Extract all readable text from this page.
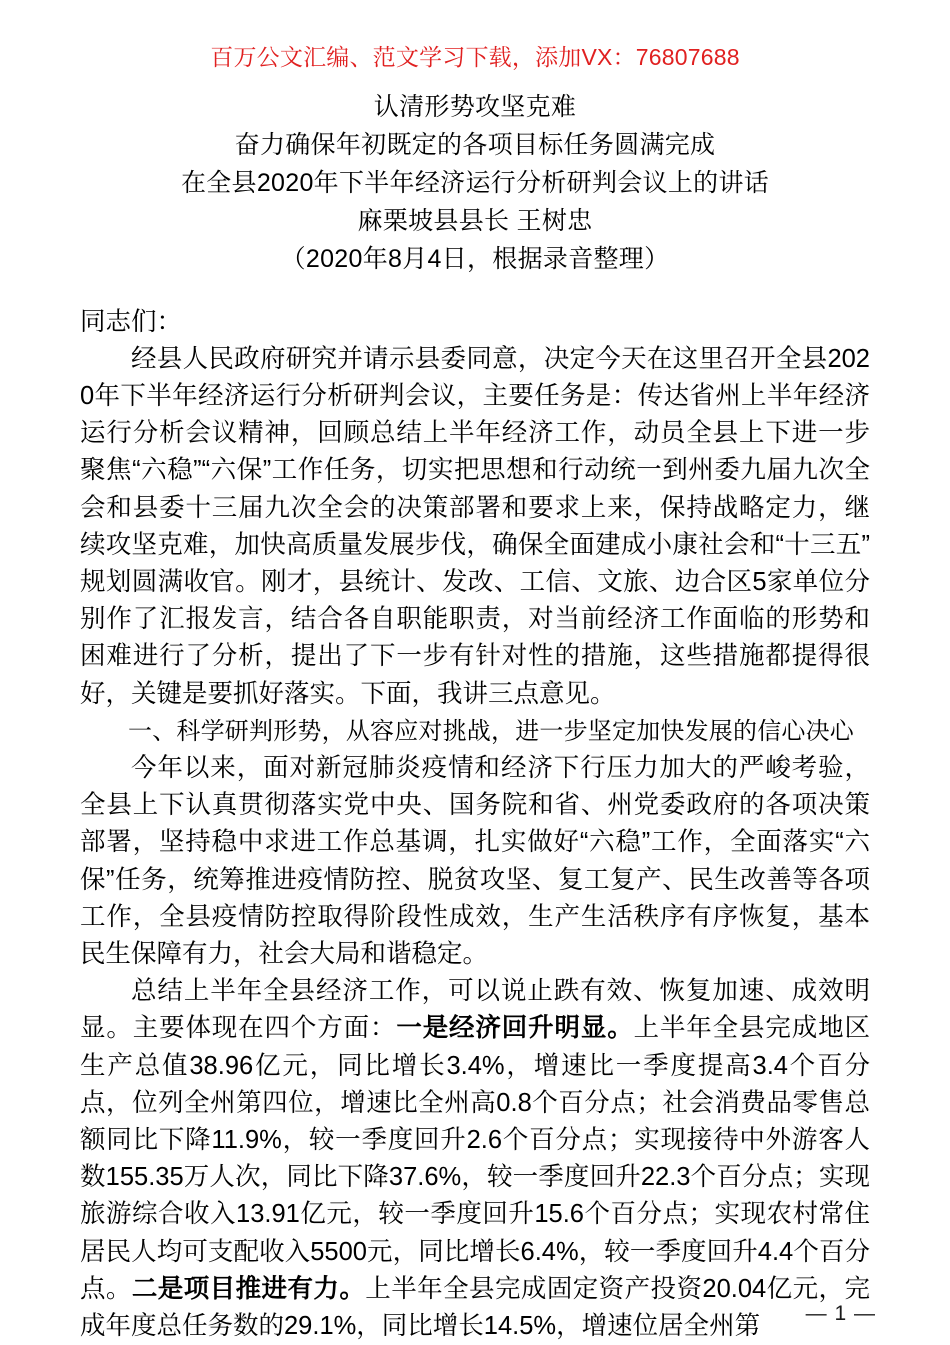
百万公文汇编、范文学习下载，添加VX：76807688
认清形势攻坚克难
奋力确保年初既定的各项目标任务圆满完成
在全县2020年下半年经济运行分析研判会议上的讲话
麻栗坡县县长 王树忠
（2020年8月4日，根据录音整理）

同志们：

经县人民政府研究并请示县委同意，决定今天在这里召开全县2020年下半年经济运行分析研判会议，主要任务是：传达省州上半年经济运行分析会议精神，回顾总结上半年经济工作，动员全县上下进一步聚焦“六稳”“六保”工作任务，切实把思想和行动统一到州委九届九次全会和县委十三届九次全会的决策部署和要求上来，保持战略定力，继续攻坚克难，加快高质量发展步伐，确保全面建成小康社会和“十三五”规划圆满收官。刚才，县统计、发改、工信、文旅、边合区5家单位分别作了汇报发言，结合各自职能职责，对当前经济工作面临的形势和困难进行了分析，提出了下一步有针对性的措施，这些措施都提得很好，关键是要抓好落实。下面，我讲三点意见。

一、科学研判形势，从容应对挑战，进一步坚定加快发展的信心决心

今年以来，面对新冠肺炎疫情和经济下行压力加大的严峻考验，全县上下认真贯彻落实党中央、国务院和省、州党委政府的各项决策部署，坚持稳中求进工作总基调，扎实做好“六稳”工作，全面落实“六保”任务，统筹推进疫情防控、脱贫攻坚、复工复产、民生改善等各项工作，全县疫情防控取得阶段性成效，生产生活秩序有序恢复，基本民生保障有力，社会大局和谐稳定。

总结上半年全县经济工作，可以说止跌有效、恢复加速、成效明显。主要体现在四个方面：一是经济回升明显。上半年全县完成地区生产总值38.96亿元，同比增长3.4%，增速比一季度提高3.4个百分点，位列全州第四位，增速比全州高0.8个百分点；社会消费品零售总额同比下降11.9%，较一季度回升2.6个百分点；实现接待中外游客人数155.35万人次，同比下降37.6%，较一季度回升22.3个百分点；实现旅游综合收入13.91亿元，较一季度回升15.6个百分点；实现农村常住居民人均可支配收入5500元，同比增长6.4%，较一季度回升4.4个百分点。二是项目推进有力。上半年全县完成固定资产投资20.04亿元，完成年度总任务数的29.1%，同比增长14.5%，增速位居全州第	— 1 —
